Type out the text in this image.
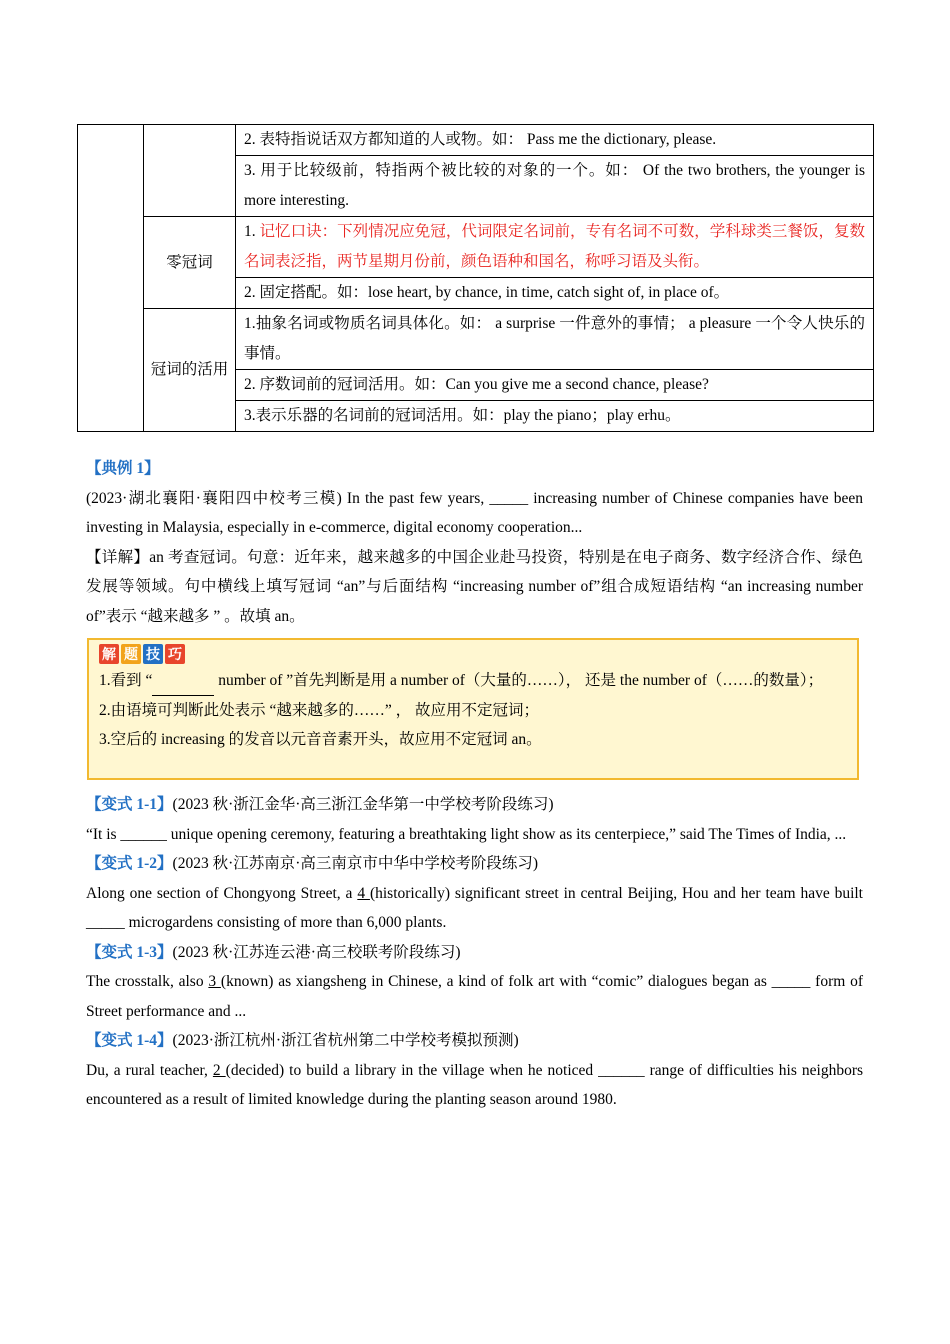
		2. 表特指说话双方都知道的人或物。如： Pass me the dictionary, please.
		3. 用于比较级前，特指两个被比较的对象的一个。如： Of the two brothers, the younger is more interesting.
	零冠词	1. 记忆口诀：下列情况应免冠，代词限定名词前，专有名词不可数，学科球类三餐饭，复数名词表泛指，两节星期月份前，颜色语种和国名，称呼习语及头衔。
		2. 固定搭配。如：lose heart, by chance, in time, catch sight of, in place of。
	冠词的活用	1.抽象名词或物质名词具体化。如： a surprise 一件意外的事情； a pleasure 一个令人快乐的事情。
		2. 序数词前的冠词活用。如：Can you give me a second chance, please?
		3.表示乐器的名词前的冠词活用。如：play the piano；play erhu。
【典例 1】
(2023·湖北襄阳·襄阳四中校考三模) In the past few years, _____ increasing number of Chinese companies have been investing in Malaysia, especially in e-commerce, digital economy cooperation...
【详解】an 考查冠词。句意：近年来，越来越多的中国企业赴马投资，特别是在电子商务、数字经济合作、绿色发展等领域。句中横线上填写冠词 “an”与后面结构 “increasing number of”组合成短语结构 “an increasing number of”表示 “越来越多 ” 。故填 an。
解 题 技 巧
1.看到 “	number of ”首先判断是用 a number of（大量的……）， 还是 the number of（……的数量）；
2.由语境可判断此处表示 “越来越多的……” ， 故应用不定冠词；
3.空后的 increasing 的发音以元音音素开头，故应用不定冠词 an。
【变式 1-1】(2023 秋·浙江金华·高三浙江金华第一中学校考阶段练习)
“It is ______ unique opening ceremony, featuring a breathtaking light show as its centerpiece,” said The Times of India, ...
【变式 1-2】(2023 秋·江苏南京·高三南京市中华中学校考阶段练习)
Along one section of Chongyong Street, a 4 (historically) significant street in central Beijing, Hou and her team have built _____ microgardens consisting of more than 6,000 plants.
【变式 1-3】(2023 秋·江苏连云港·高三校联考阶段练习)
The crosstalk, also 3 (known) as xiangsheng in Chinese, a kind of folk art with “comic” dialogues began as _____ form of Street performance and ...
【变式 1-4】(2023·浙江杭州·浙江省杭州第二中学校考模拟预测)
Du, a rural teacher, 2 (decided) to build a library in the village when he noticed ______ range of difficulties his neighbors encountered as a result of limited knowledge during the planting season around 1980.
